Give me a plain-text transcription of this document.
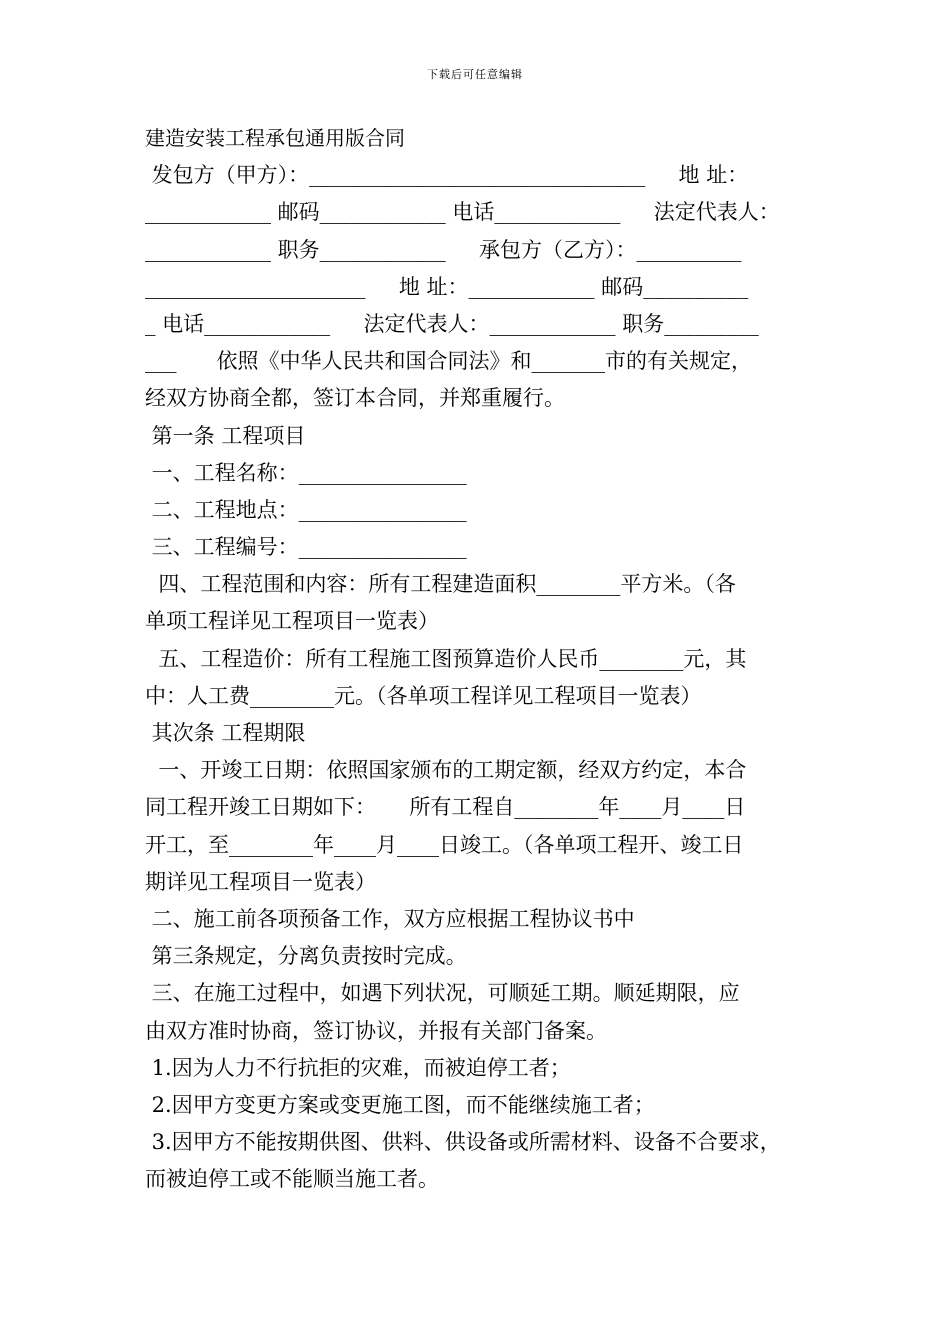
下载后可任意编辑
建造安装工程承包通用版合同
发包方（甲方）：________________________________     地 址：
____________ 邮码____________ 电话____________     法定代表人：
____________ 职务____________     承包方（乙方）：__________
_____________________     地 址：____________ 邮码__________
_ 电话____________     法定代表人：____________ 职务_________
___      依照《中华人民共和国合同法》和_______市的有关规定，
经双方协商全都，签订本合同，并郑重履行。
第一条 工程项目
一、工程名称：________________
二、工程地点：________________
三、工程编号：________________
四、工程范围和内容：所有工程建造面积________平方米。（各
单项工程详见工程项目一览表）
五、工程造价：所有工程施工图预算造价人民币________元，其
中：人工费________元。（各单项工程详见工程项目一览表）
其次条 工程期限
一、开竣工日期：依照国家颁布的工期定额，经双方约定，本合
同工程开竣工日期如下：     所有工程自________年____月____日
开工，至________年____月____日竣工。（各单项工程开、竣工日
期详见工程项目一览表）
二、施工前各项预备工作，双方应根据工程协议书中
第三条规定，分离负责按时完成。
三、在施工过程中，如遇下列状况，可顺延工期。顺延期限，应
由双方准时协商，签订协议，并报有关部门备案。
1.因为人力不行抗拒的灾难，而被迫停工者；
2.因甲方变更方案或变更施工图，而不能继续施工者；
3.因甲方不能按期供图、供料、供设备或所需材料、设备不合要求，
而被迫停工或不能顺当施工者。
